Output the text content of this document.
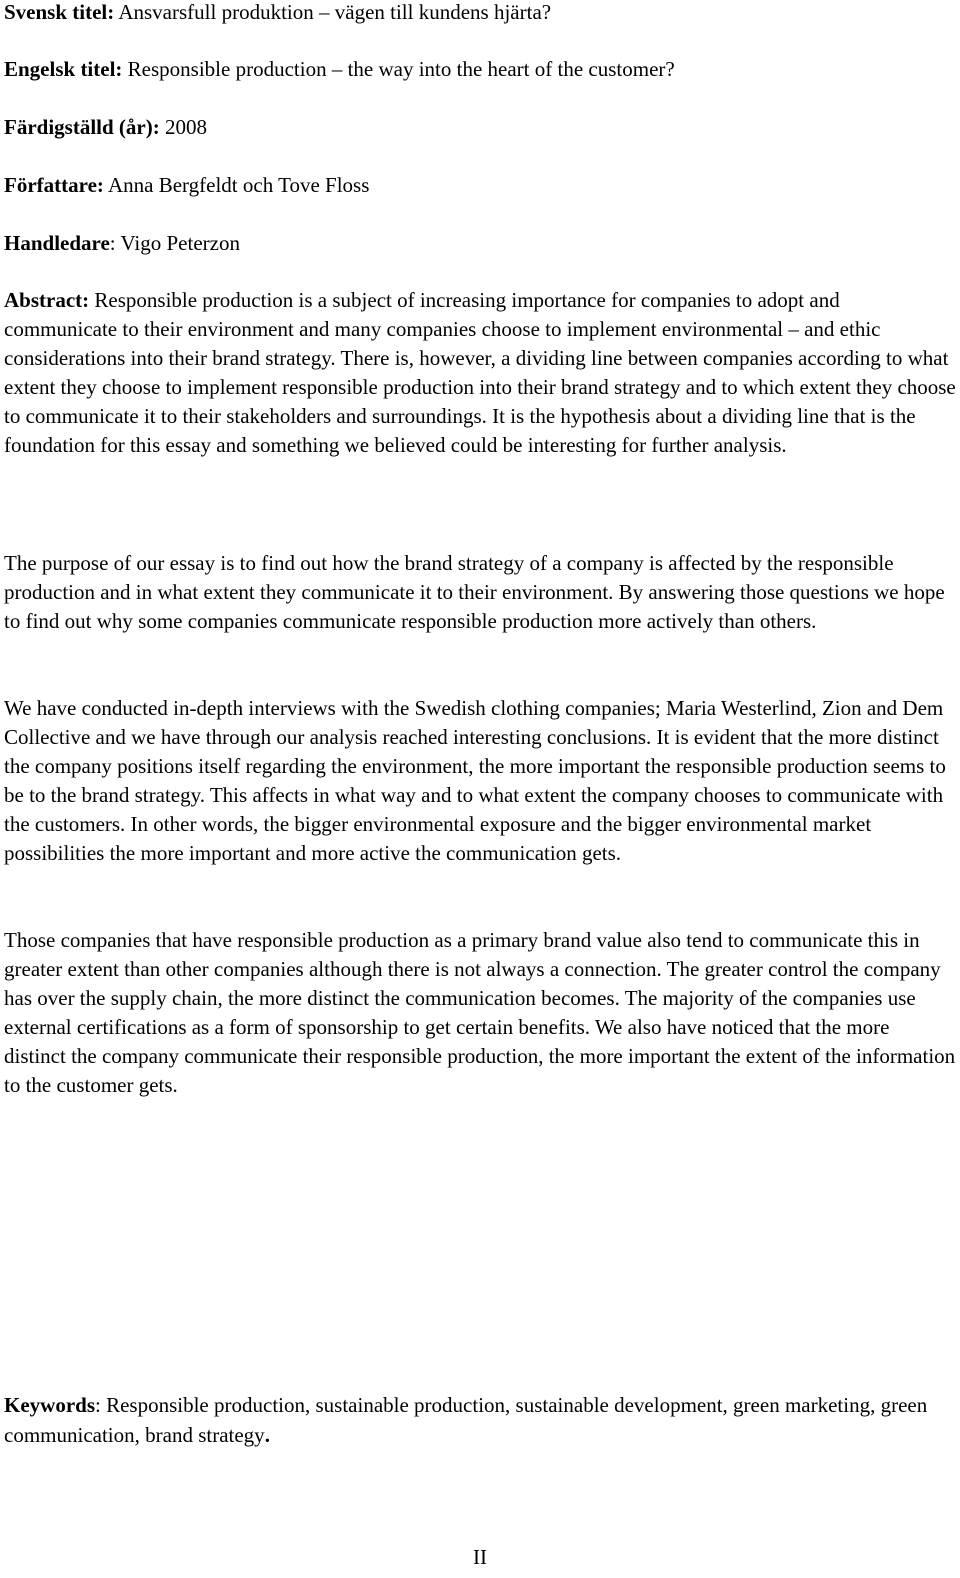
Svensk titel: Ansvarsfull produktion – vägen till kundens hjärta?
Engelsk titel: Responsible production – the way into the heart of the customer?
Färdigställd (år): 2008
Författare: Anna Bergfeldt och Tove Floss
Handledare: Vigo Peterzon
Abstract: Responsible production is a subject of increasing importance for companies to adopt and communicate to their environment and many companies choose to implement environmental – and ethic considerations into their brand strategy. There is, however, a dividing line between companies according to what extent they choose to implement responsible production into their brand strategy and to which extent they choose to communicate it to their stakeholders and surroundings. It is the hypothesis about a dividing line that is the foundation for this essay and something we believed could be interesting for further analysis.
The purpose of our essay is to find out how the brand strategy of a company is affected by the responsible production and in what extent they communicate it to their environment. By answering those questions we hope to find out why some companies communicate responsible production more actively than others.
We have conducted in-depth interviews with the Swedish clothing companies; Maria Westerlind, Zion and Dem Collective and we have through our analysis reached interesting conclusions. It is evident that the more distinct the company positions itself regarding the environment, the more important the responsible production seems to be to the brand strategy. This affects in what way and to what extent the company chooses to communicate with the customers. In other words, the bigger environmental exposure and the bigger environmental market possibilities the more important and more active the communication gets.
Those companies that have responsible production as a primary brand value also tend to communicate this in greater extent than other companies although there is not always a connection. The greater control the company has over the supply chain, the more distinct the communication becomes. The majority of the companies use external certifications as a form of sponsorship to get certain benefits. We also have noticed that the more distinct the company communicate their responsible production, the more important the extent of the information to the customer gets.
Keywords: Responsible production, sustainable production, sustainable development, green marketing, green communication, brand strategy.
II
